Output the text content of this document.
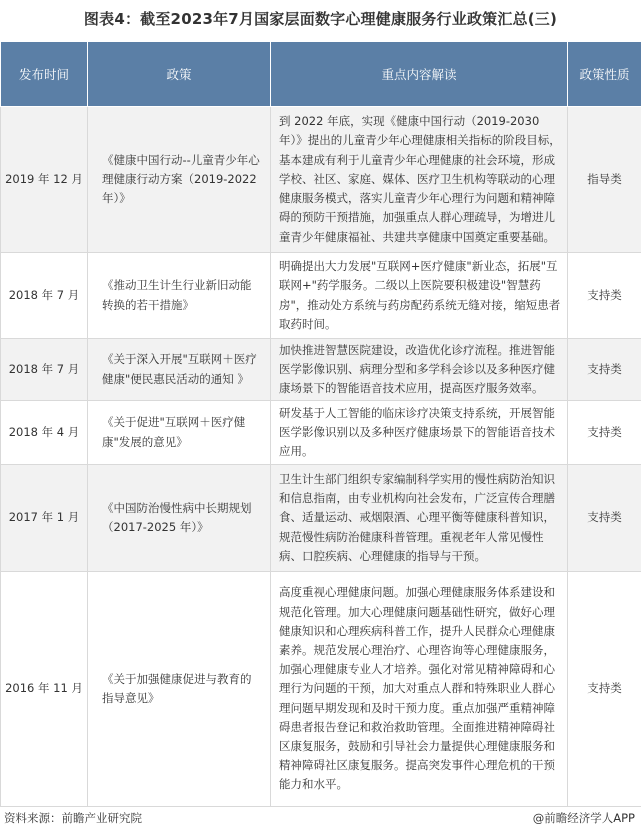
图表4：截至2023年7月国家层面数字心理健康服务行业政策汇总(三)
发布时间	政策	重点内容解读	政策性质
2019 年 12 月	《健康中国行动--儿童青少年心理健康行动方案（2019-2022年）》	到 2022 年底，实现《健康中国行动（2019-2030 年）》提出的儿童青少年心理健康相关指标的阶段目标，基本建成有利于儿童青少年心理健康的社会环境，形成学校、社区、家庭、媒体、医疗卫生机构等联动的心理健康服务模式，落实儿童青少年心理行为问题和精神障碍的预防干预措施，加强重点人群心理疏导，为增进儿童青少年健康福祉、共建共享健康中国奠定重要基础。	指导类
2018 年 7 月	《推动卫生计生行业新旧动能转换的若干措施》	明确提出大力发展"互联网+医疗健康"新业态，拓展"互联网+"药学服务。二级以上医院要积极建设"智慧药房"，推动处方系统与药房配药系统无缝对接，缩短患者取药时间。	支持类
2018 年 7 月	《关于深入开展"互联网＋医疗健康"便民惠民活动的通知 》	加快推进智慧医院建设，改造优化诊疗流程。推进智能医学影像识别、病理分型和多学科会诊以及多种医疗健康场景下的智能语音技术应用，提高医疗服务效率。	支持类
2018 年 4 月	《关于促进"互联网＋医疗健康"发展的意见》	研发基于人工智能的临床诊疗决策支持系统，开展智能医学影像识别以及多种医疗健康场景下的智能语音技术应用。	支持类
2017 年 1 月	《中国防治慢性病中长期规划（2017-2025 年）》	卫生计生部门组织专家编制科学实用的慢性病防治知识和信息指南，由专业机构向社会发布，广泛宣传合理膳食、适量运动、戒烟限酒、心理平衡等健康科普知识，规范慢性病防治健康科普管理。重视老年人常见慢性病、口腔疾病、心理健康的指导与干预。	支持类
2016 年 11 月	《关于加强健康促进与教育的指导意见》	高度重视心理健康问题。加强心理健康服务体系建设和规范化管理。加大心理健康问题基础性研究，做好心理健康知识和心理疾病科普工作，提升人民群众心理健康素养。规范发展心理治疗、心理咨询等心理健康服务，加强心理健康专业人才培养。强化对常见精神障碍和心理行为问题的干预，加大对重点人群和特殊职业人群心理问题早期发现和及时干预力度。重点加强严重精神障碍患者报告登记和救治救助管理。全面推进精神障碍社区康复服务，鼓励和引导社会力量提供心理健康服务和精神障碍社区康复服务。提高突发事件心理危机的干预能力和水平。	支持类
资料来源：前瞻产业研究院	@前瞻经济学人APP
